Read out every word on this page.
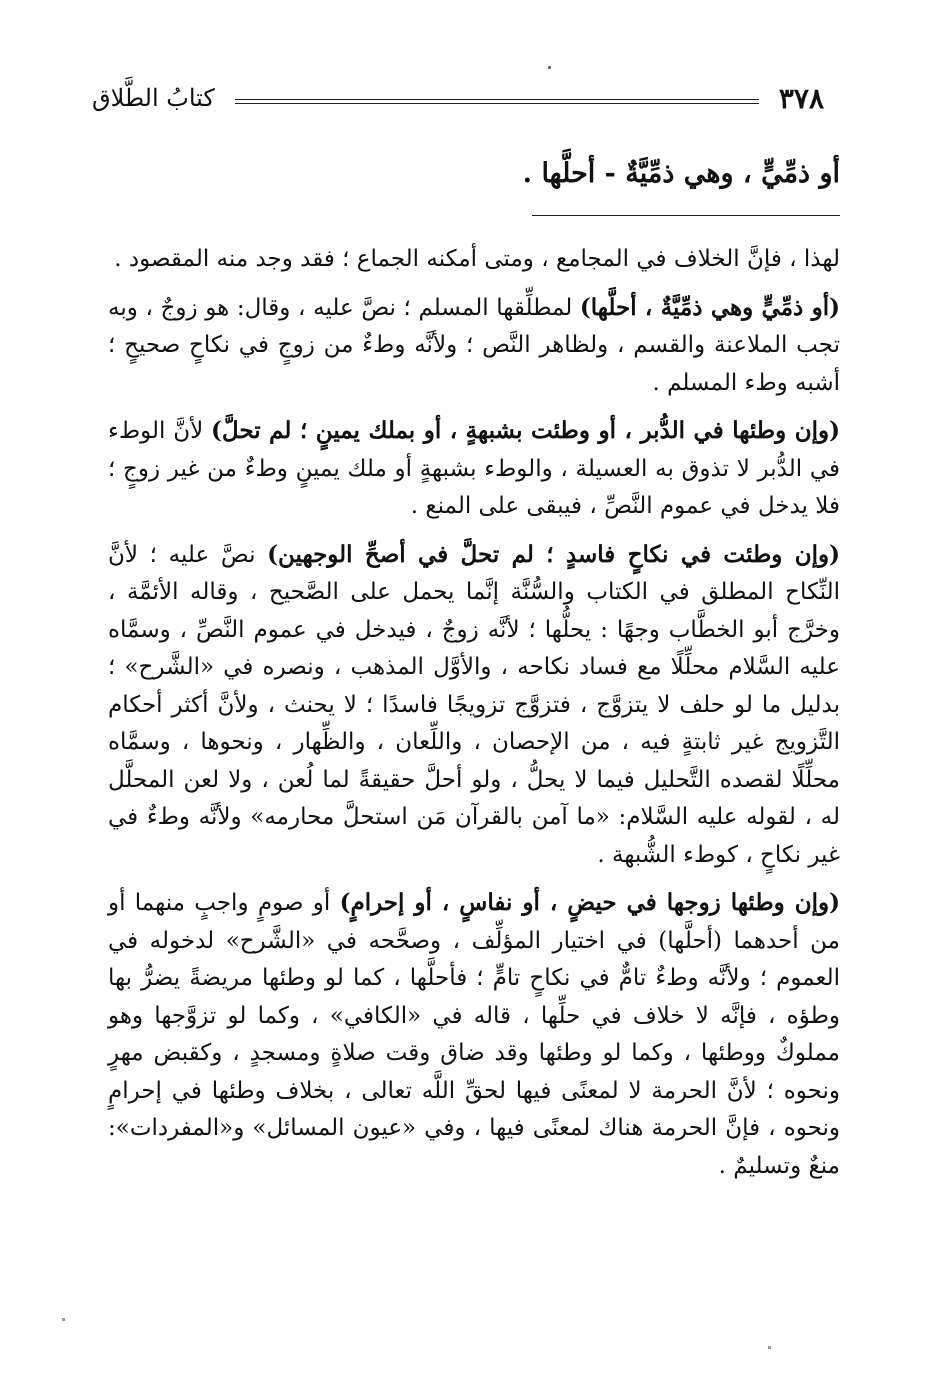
٣٧٨
كتابُ الطَّلاق
أو ذمِّيٍّ ، وهي ذمِّيَّةٌ - أحلَّها .

لهذا ، فإنَّ الخلاف في المجامع ، ومتى أمكنه الجماع ؛ فقد وجد منه المقصود .

(أو ذمِّيٍّ وهي ذمِّيَّةٌ ، أحلَّها) لمطلِّقها المسلم ؛ نصَّ عليه ، وقال: هو زوجٌ ، وبه تجب الملاعنة والقسم ، ولظاهر النَّص ؛ ولأنَّه وطءٌ من زوجٍ في نكاحٍ صحيحٍ ؛ أشبه وطء المسلم .

(وإن وطئها في الدُّبر ، أو وطئت بشبهةٍ ، أو بملك يمينٍ ؛ لم تحلَّ) لأنَّ الوطء في الدُّبر لا تذوق به العسيلة ، والوطء بشبهةٍ أو ملك يمينٍ وطءٌ من غير زوجٍ ؛ فلا يدخل في عموم النَّصِّ ، فيبقى على المنع .

(وإن وطئت في نكاحٍ فاسدٍ ؛ لم تحلَّ في أصحِّ الوجهين) نصَّ عليه ؛ لأنَّ النِّكاح المطلق في الكتاب والسُّنَّة إنَّما يحمل على الصَّحيح ، وقاله الأئمَّة ، وخرَّج أبو الخطَّاب وجهًا : يحلُّها ؛ لأنَّه زوجٌ ، فيدخل في عموم النَّصِّ ، وسمَّاه عليه السَّلام محلِّلًا مع فساد نكاحه ، والأوَّل المذهب ، ونصره في «الشَّرح» ؛ بدليل ما لو حلف لا يتزوَّج ، فتزوَّج تزويجًا فاسدًا ؛ لا يحنث ، ولأنَّ أكثر أحكام التَّزويج غير ثابتةٍ فيه ، من الإحصان ، واللِّعان ، والظِّهار ، ونحوها ، وسمَّاه محلِّلًا لقصده التَّحليل فيما لا يحلُّ ، ولو أحلَّ حقيقةً لما لُعن ، ولا لعن المحلَّل له ، لقوله عليه السَّلام: «ما آمن بالقرآن مَن استحلَّ محارمه» ولأنَّه وطءٌ في غير نكاحٍ ، كوطء الشُّبهة .

(وإن وطئها زوجها في حيضٍ ، أو نفاسٍ ، أو إحرامٍ) أو صومٍ واجبٍ منهما أو من أحدهما (أحلَّها) في اختيار المؤلِّف ، وصحَّحه في «الشَّرح» لدخوله في العموم ؛ ولأنَّه وطءٌ تامٌّ في نكاحٍ تامٍّ ؛ فأحلَّها ، كما لو وطئها مريضةً يضرُّ بها وطؤه ، فإنَّه لا خلاف في حلِّها ، قاله في «الكافي» ، وكما لو تزوَّجها وهو مملوكٌ ووطئها ، وكما لو وطئها وقد ضاق وقت صلاةٍ ومسجدٍ ، وكقبض مهرٍ ونحوه ؛ لأنَّ الحرمة لا لمعنًى فيها لحقِّ اللَّه تعالى ، بخلاف وطئها في إحرامٍ ونحوه ، فإنَّ الحرمة هناك لمعنًى فيها ، وفي «عيون المسائل» و«المفردات»: منعٌ وتسليمٌ .
